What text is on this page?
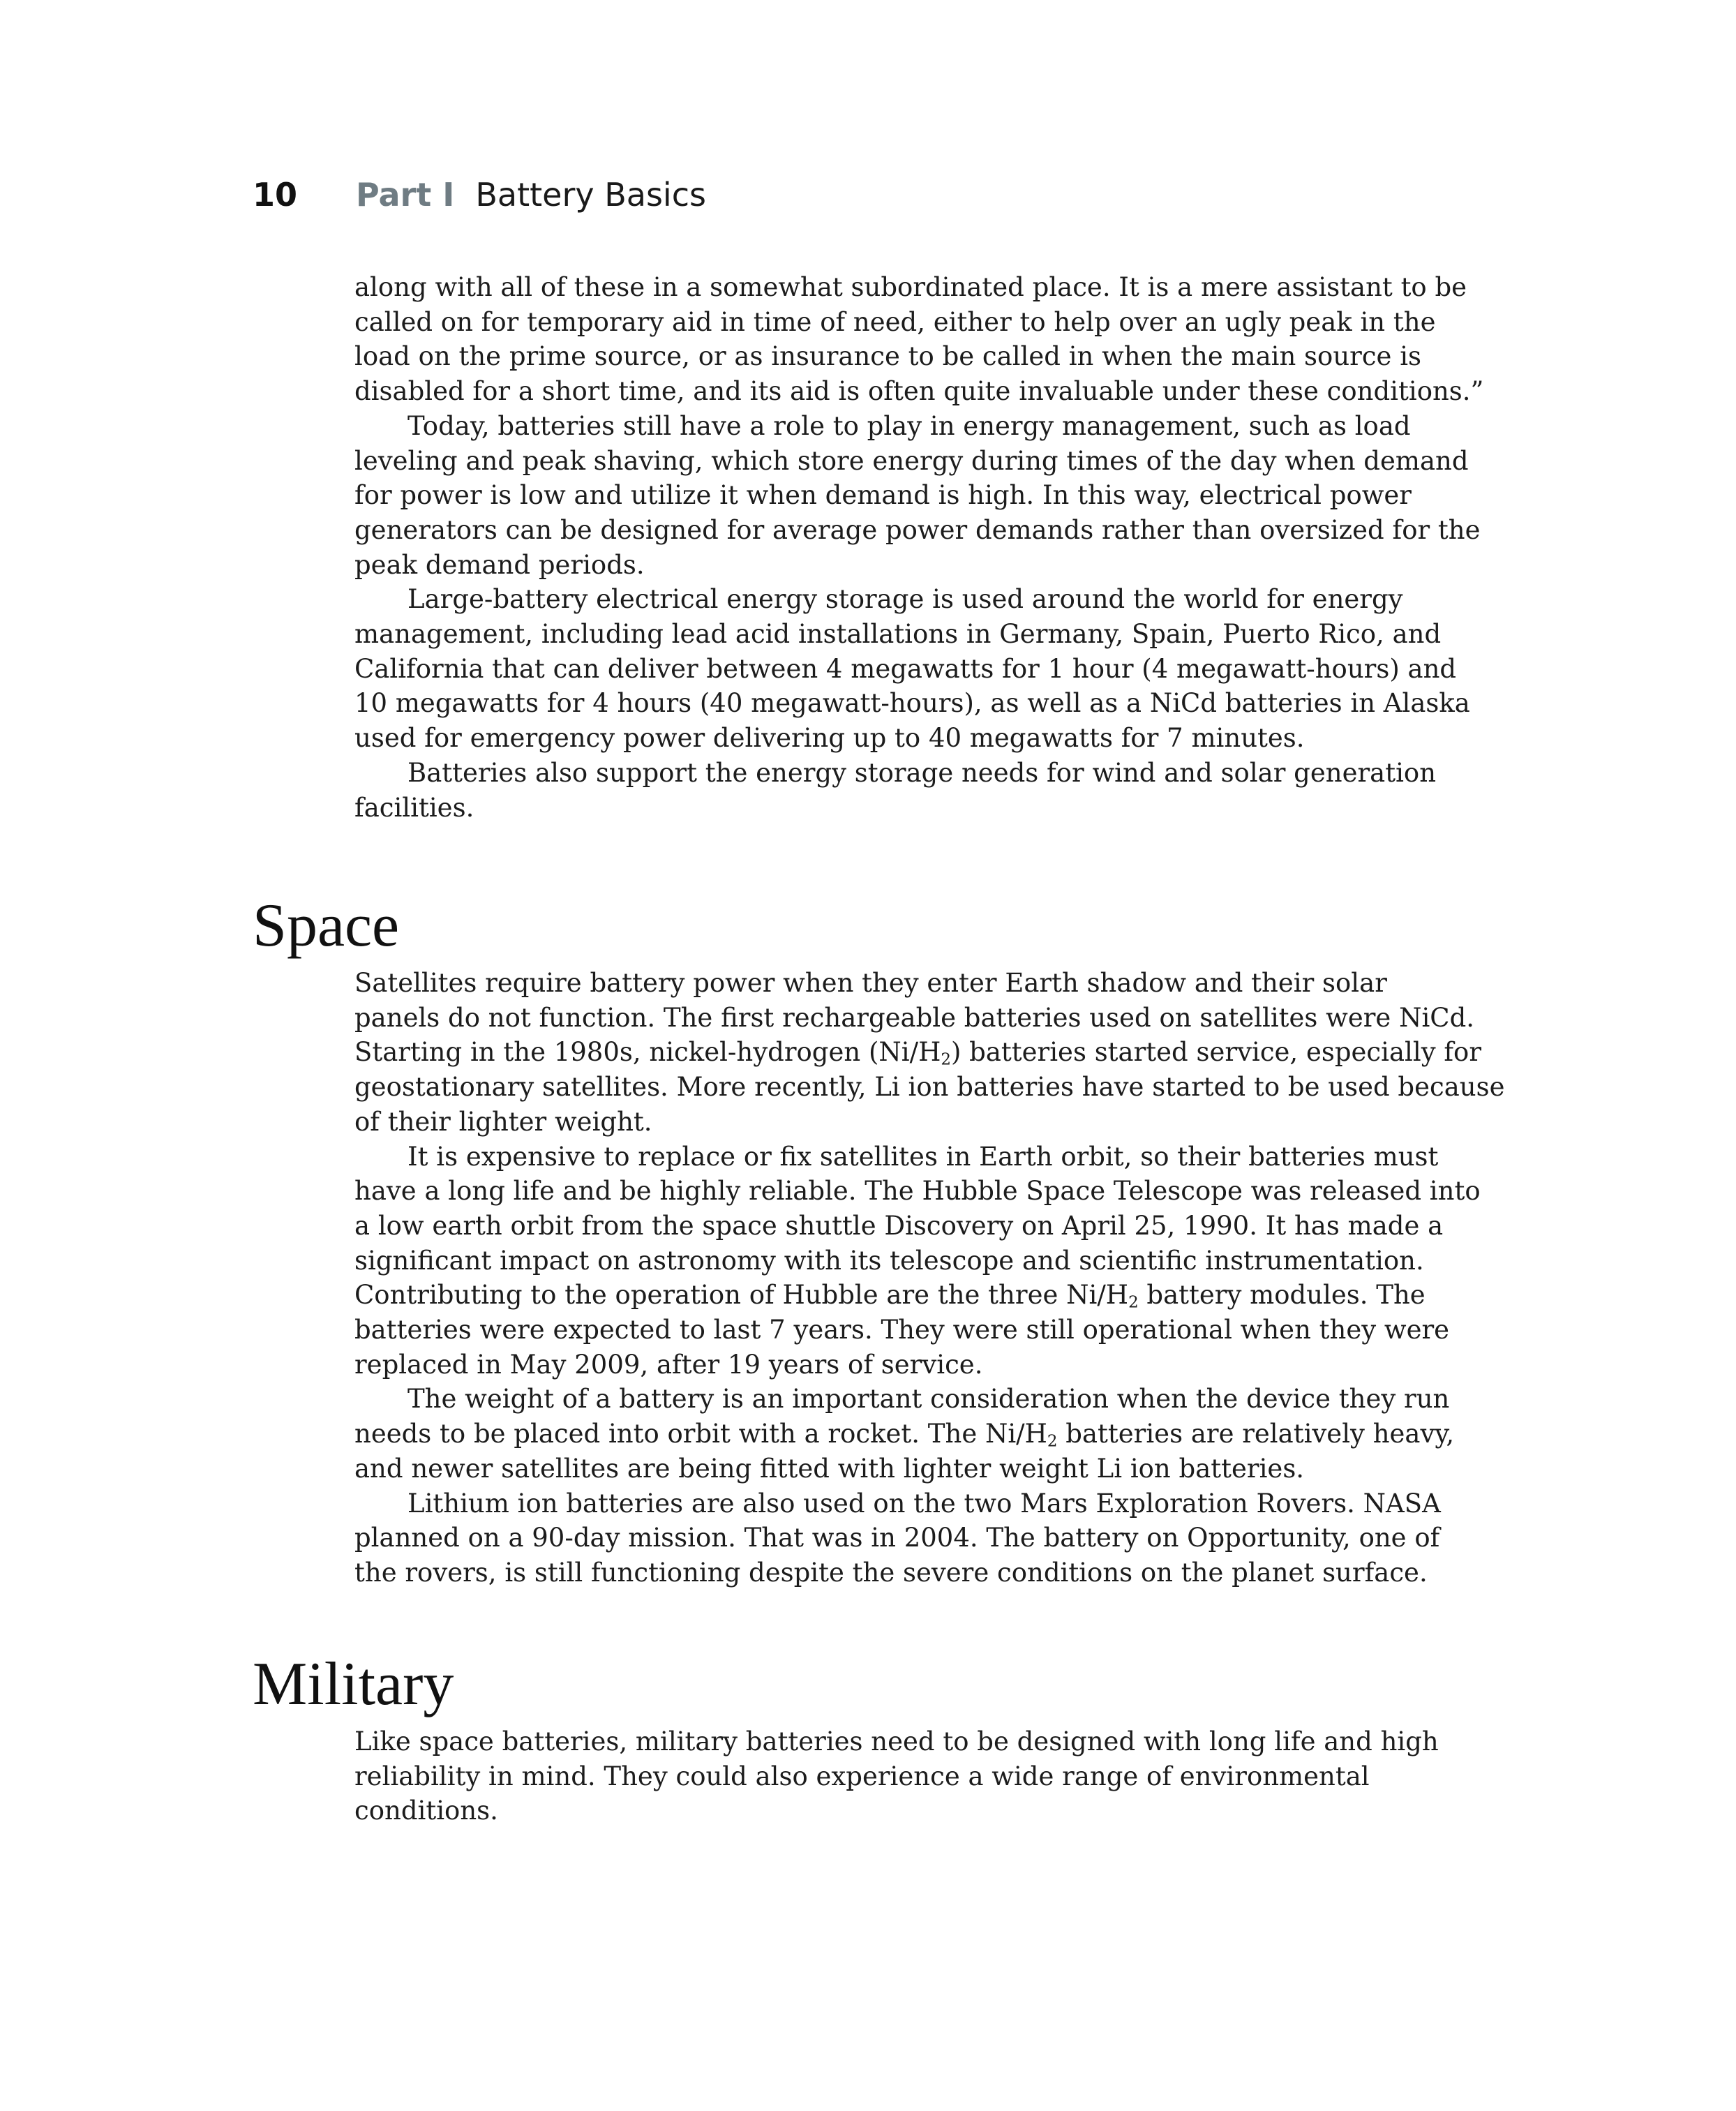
10 Part I Battery Basics

along with all of these in a somewhat subordinated place. It is a mere assistant to be
called on for temporary aid in time of need, either to help over an ugly peak in the
load on the prime source, or as insurance to be called in when the main source is
disabled for a short time, and its aid is often quite invaluable under these conditions.”

Today, batteries still have a role to play in energy management, such as load
leveling and peak shaving, which store energy during times of the day when demand
for power is low and utilize it when demand is high. In this way, electrical power
generators can be designed for average power demands rather than oversized for the
peak demand periods.

Large-battery electrical energy storage is used around the world for energy
management, including lead acid installations in Germany, Spain, Puerto Rico, and
California that can deliver between 4 megawatts for 1 hour (4 megawatt-hours) and
10 megawatts for 4 hours (40 megawatt-hours), as well as a NiCd batteries in Alaska
used for emergency power delivering up to 40 megawatts for 7 minutes.

Batteries also support the energy storage needs for wind and solar generation
facilities.

Space

Satellites require battery power when they enter Earth shadow and their solar
panels do not function. The first rechargeable batteries used on satellites were NiCd.
Starting in the 1980s, nickel-hydrogen $(Ni/H_2)$ batteries started service, especially for
geostationary satellites. More recently, Li ion batteries have started to be used because
of their lighter weight.

It is expensive to replace or fix satellites in Earth orbit, so their batteries must
have a long life and be highly reliable. The Hubble Space Telescope was released into
a low earth orbit from the space shuttle Discovery on April 25, 1990. It has made a
significant impact on astronomy with its telescope and scientific instrumentation.
Contributing to the operation of Hubble are the three $Ni/H_2$ battery modules. The
batteries were expected to last 7 years. They were still operational when they were
replaced in May 2009, after 19 years of service.

The weight of a battery is an important consideration when the device they run
needs to be placed into orbit with a rocket. The $Ni/H_2$ batteries are relatively heavy,
and newer satellites are being fitted with lighter weight Li ion batteries.

Lithium ion batteries are also used on the two Mars Exploration Rovers. NASA
planned on a 90-day mission. That was in 2004. The battery on Opportunity, one of
the rovers, is still functioning despite the severe conditions on the planet surface.

Military

Like space batteries, military batteries need to be designed with long life and high
reliability in mind. They could also experience a wide range of environmental
conditions.
